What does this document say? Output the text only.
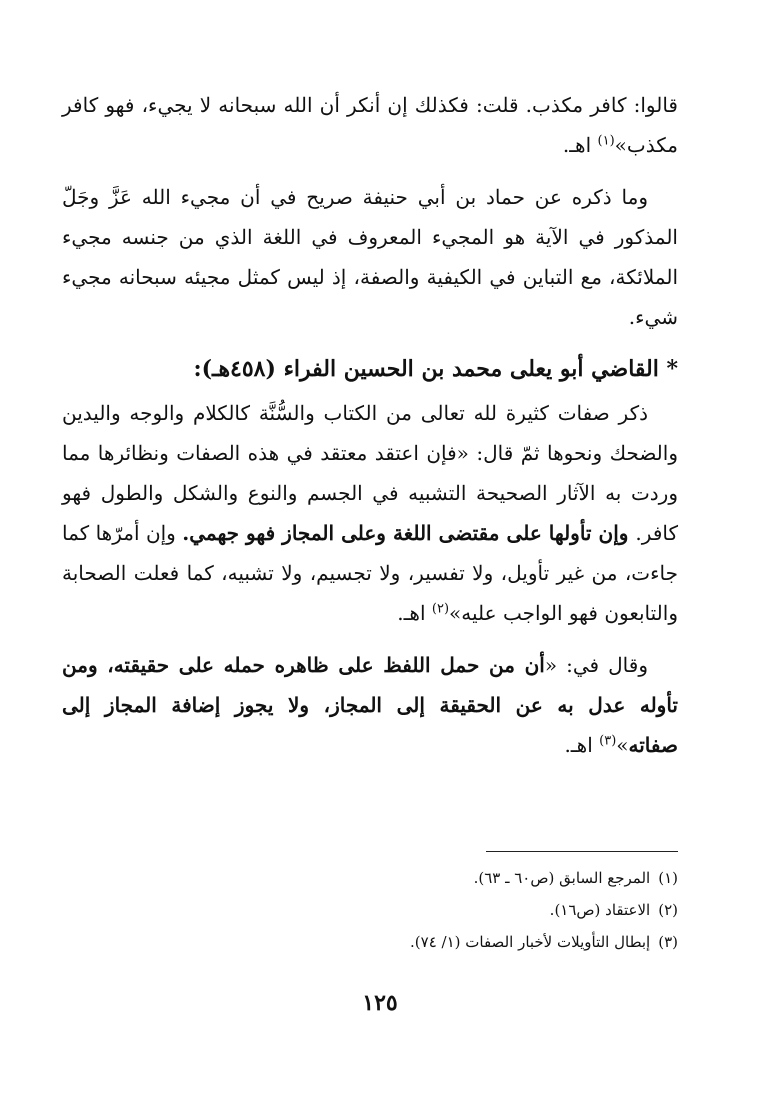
قالوا: كافر مكذب. قلت: فكذلك إن أنكر أن الله سبحانه لا يجيء، فهو كافر مكذب»$^{(١)}$ اهـ.

وما ذكره عن حماد بن أبي حنيفة صريح في أن مجيء الله عَزَّ وجَلّ المذكور في الآية هو المجيء المعروف في اللغة الذي من جنسه مجيء الملائكة، مع التباين في الكيفية والصفة، إذ ليس كمثل مجيئه سبحانه مجيء شيء.

* القاضي أبو يعلى محمد بن الحسين الفراء (٤٥٨هـ):

ذكر صفات كثيرة لله تعالى من الكتاب والسُّنَّة كالكلام والوجه واليدين والضحك ونحوها ثمّ قال: «فإن اعتقد معتقد في هذه الصفات ونظائرها مما وردت به الآثار الصحيحة التشبيه في الجسم والنوع والشكل والطول فهو كافر. وإن تأولها على مقتضى اللغة وعلى المجاز فهو جهمي. وإن أمرّها كما جاءت، من غير تأويل، ولا تفسير، ولا تجسيم، ولا تشبيه، كما فعلت الصحابة والتابعون فهو الواجب عليه»$^{(٢)}$ اهـ.

وقال في: «أن من حمل اللفظ على ظاهره حمله على حقيقته، ومن تأوله عدل به عن الحقيقة إلى المجاز، ولا يجوز إضافة المجاز إلى صفاته»$^{(٣)}$ اهـ.

(١)المرجع السابق (ص٦٠ ـ ٦٣).
(٢)الاعتقاد (ص١٦).
(٣)إبطال التأويلات لأخبار الصفات (١/ ٧٤).
١٢٥
